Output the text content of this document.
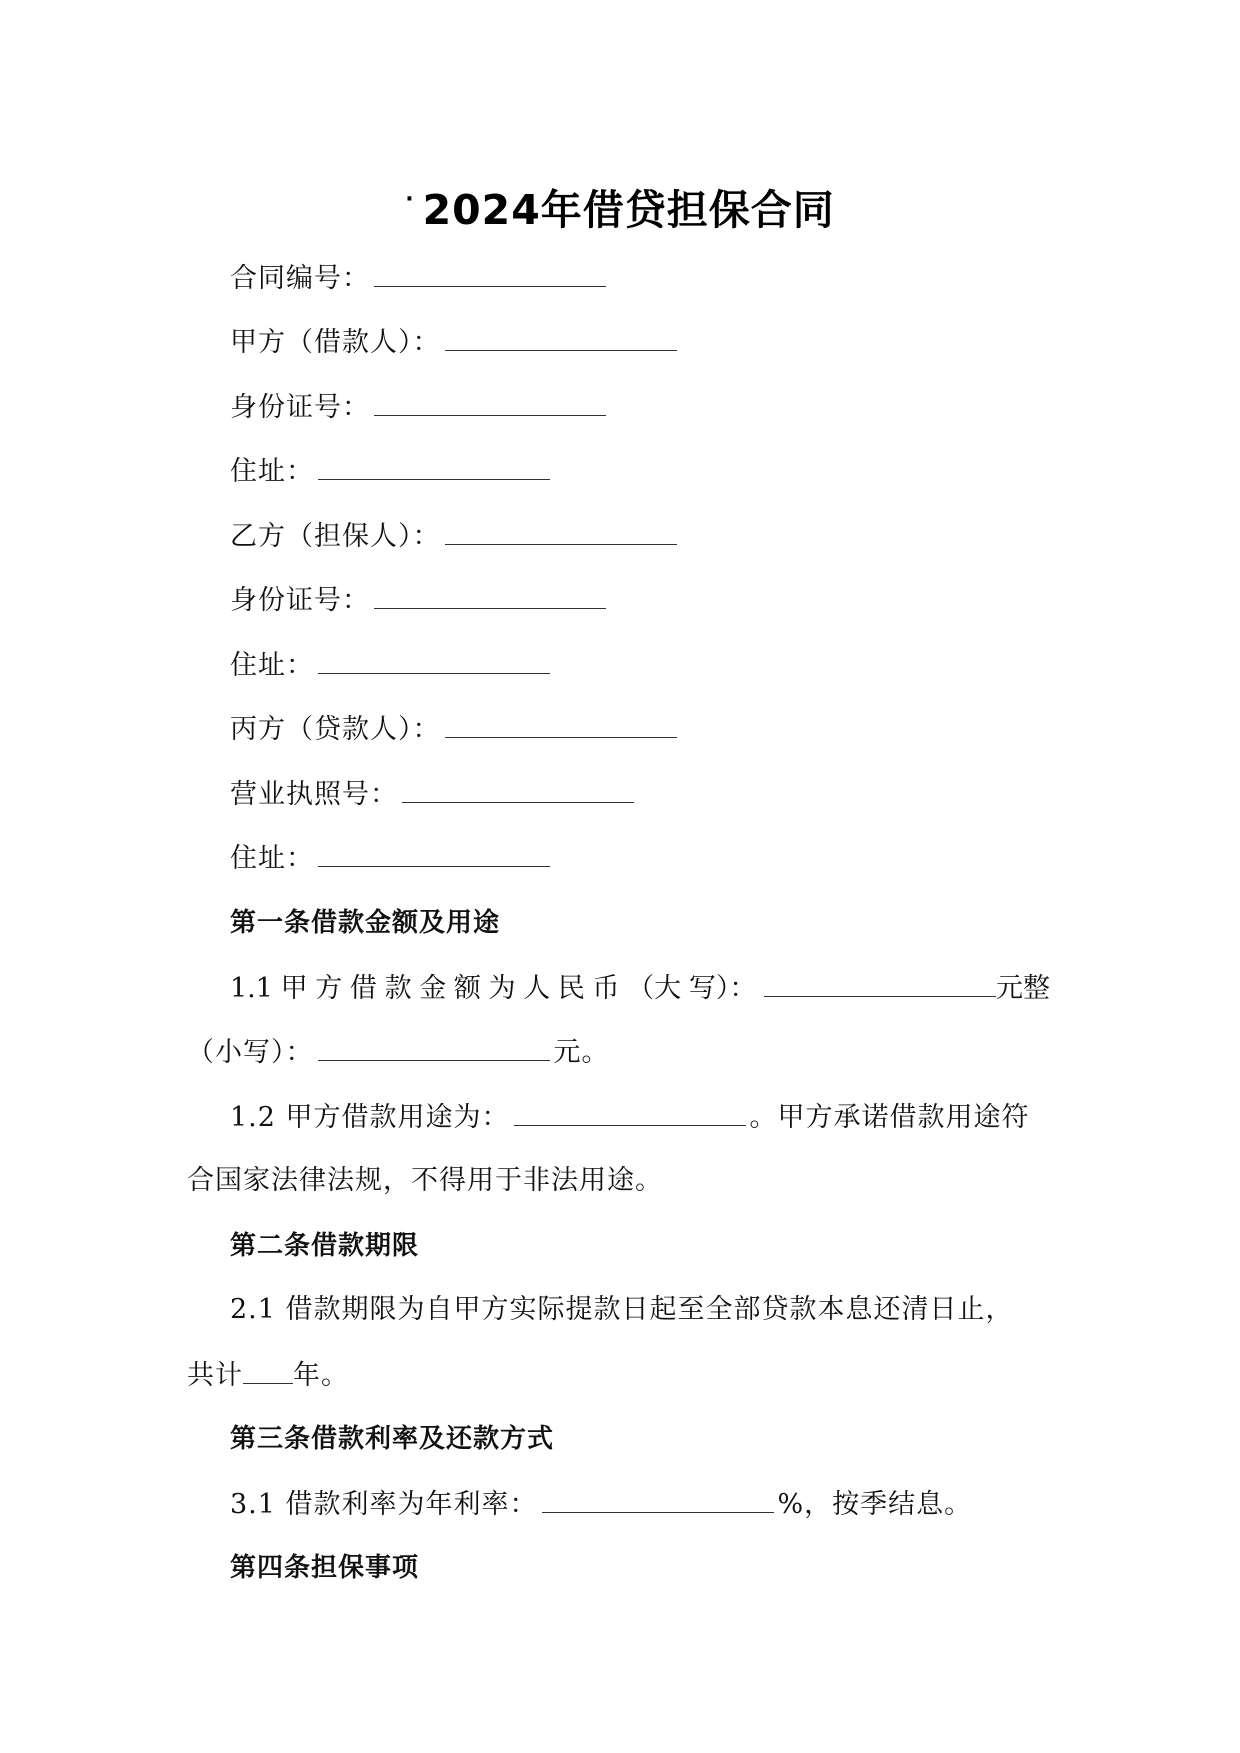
· 2024年借贷担保合同
合同编号：
甲方（借款人）：
身份证号：
住址：
乙方（担保人）：
身份证号：
住址：
丙方（贷款人）：
营业执照号：
住址：
第一条借款金额及用途
1.1 甲 方 借 款 金 额 为 人 民 币 （大 写）：	元整
（小写）：	元。
1.2 甲方借款用途为：	。甲方承诺借款用途符
合国家法律法规，不得用于非法用途。
第二条借款期限
2.1 借款期限为自甲方实际提款日起至全部贷款本息还清日止，
共计 年。
第三条借款利率及还款方式
3.1 借款利率为年利率：	%，按季结息。
第四条担保事项
